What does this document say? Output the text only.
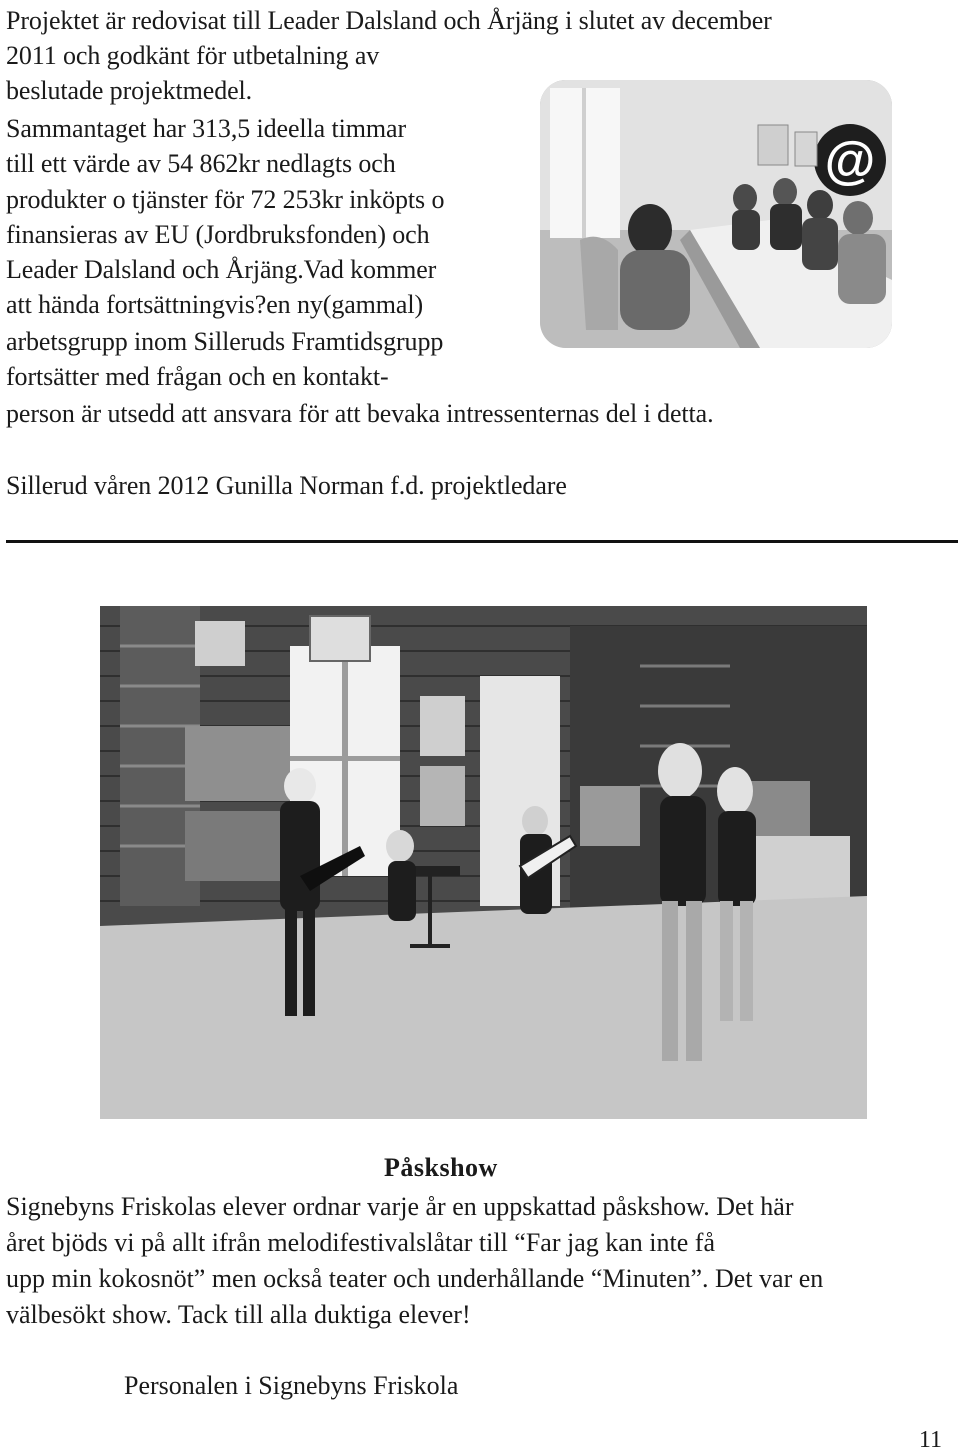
Projektet är redovisat till Leader Dalsland och Årjäng i slutet av december
2011 och godkänt för utbetalning av
beslutade projektmedel.
Sammantaget har 313,5 ideella timmar
till ett värde av 54 862kr nedlagts och
produkter o tjänster för 72 253kr inköpts o
finansieras av EU (Jordbruksfonden) och
Leader Dalsland och Årjäng.Vad kommer
att hända fortsättningvis?en ny(gammal)
arbetsgrupp inom Silleruds Framtidsgrupp
fortsätter med frågan och en kontakt-
person är utsedd att ansvara för att bevaka intressenternas del i detta.
Sillerud våren 2012 Gunilla Norman f.d. projektledare
@
Påskshow
Signebyns Friskolas elever ordnar varje år en uppskattad påskshow. Det här
året bjöds vi på allt ifrån melodifestivalslåtar till “Far jag kan inte få
upp min kokosnöt” men också teater och underhållande “Minuten”. Det var en
välbesökt show. Tack till alla duktiga elever!
Personalen i Signebyns Friskola
11
